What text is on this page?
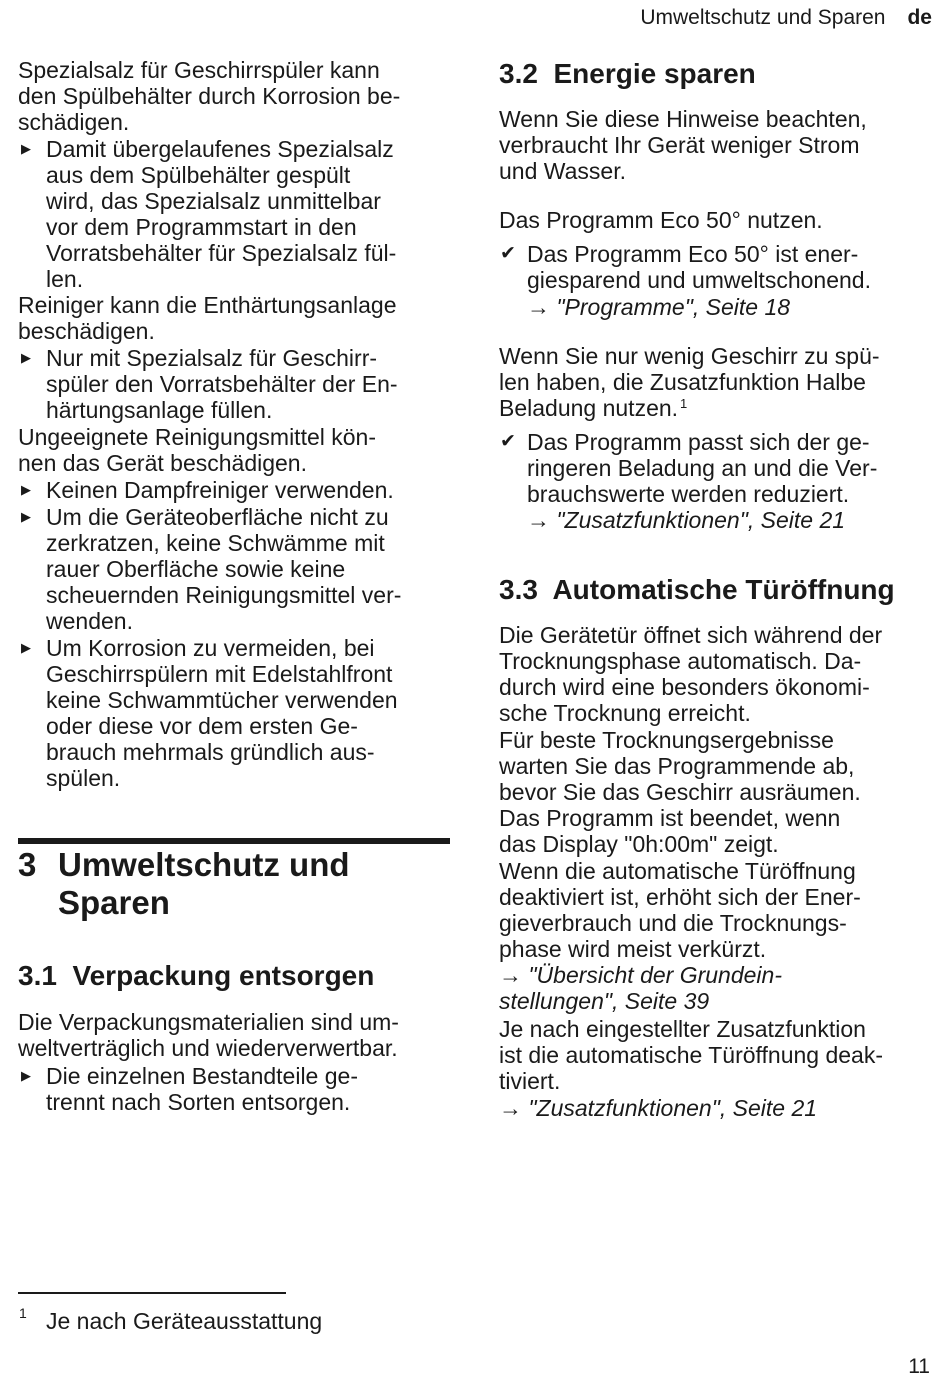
Umweltschutz und Sparen de
Spezialsalz für Geschirrspüler kann
den Spülbehälter durch Korrosion be-
schädigen.
▶ Damit übergelaufenes Spezialsalz
aus dem Spülbehälter gespült
wird, das Spezialsalz unmittelbar
vor dem Programmstart in den
Vorratsbehälter für Spezialsalz fül-
len.
Reiniger kann die Enthärtungsanlage
beschädigen.
▶ Nur mit Spezialsalz für Geschirr-
spüler den Vorratsbehälter der En-
härtungsanlage füllen.
Ungeeignete Reinigungsmittel kön-
nen das Gerät beschädigen.
▶ Keinen Dampfreiniger verwenden.
▶ Um die Geräteoberfläche nicht zu
zerkratzen, keine Schwämme mit
rauer Oberfläche sowie keine
scheuernden Reinigungsmittel ver-
wenden.
▶ Um Korrosion zu vermeiden, bei
Geschirrspülern mit Edelstahlfront
keine Schwammtücher verwenden
oder diese vor dem ersten Ge-
brauch mehrmals gründlich aus-
spülen.
3 Umweltschutz und
Sparen
3.1  Verpackung entsorgen
Die Verpackungsmaterialien sind um-
weltverträglich und wiederverwertbar.
▶ Die einzelnen Bestandteile ge-
trennt nach Sorten entsorgen.
3.2  Energie sparen
Wenn Sie diese Hinweise beachten,
verbraucht Ihr Gerät weniger Strom
und Wasser.
Das Programm Eco 50° nutzen.
✔ Das Programm Eco 50° ist ener-
giesparend und umweltschonend.
→ "Programme", Seite 18
Wenn Sie nur wenig Geschirr zu spü-
len haben, die Zusatzfunktion Halbe
Beladung nutzen. $^1$
✔ Das Programm passt sich der ge-
ringeren Beladung an und die Ver-
brauchswerte werden reduziert.
→ "Zusatzfunktionen", Seite 21
3.3  Automatische Türöffnung
Die Gerätetür öffnet sich während der
Trocknungsphase automatisch. Da-
durch wird eine besonders ökonomi-
sche Trocknung erreicht.
Für beste Trocknungsergebnisse
warten Sie das Programmende ab,
bevor Sie das Geschirr ausräumen.
Das Programm ist beendet, wenn
das Display "0h:00m" zeigt.
Wenn die automatische Türöffnung
deaktiviert ist, erhöht sich der Ener-
gieverbrauch und die Trocknungs-
phase wird meist verkürzt.
→ "Übersicht der Grundein-
stellungen", Seite 39
Je nach eingestellter Zusatzfunktion
ist die automatische Türöffnung deak-
tiviert.
→ "Zusatzfunktionen", Seite 21
1 Je nach Geräteausstattung
11
